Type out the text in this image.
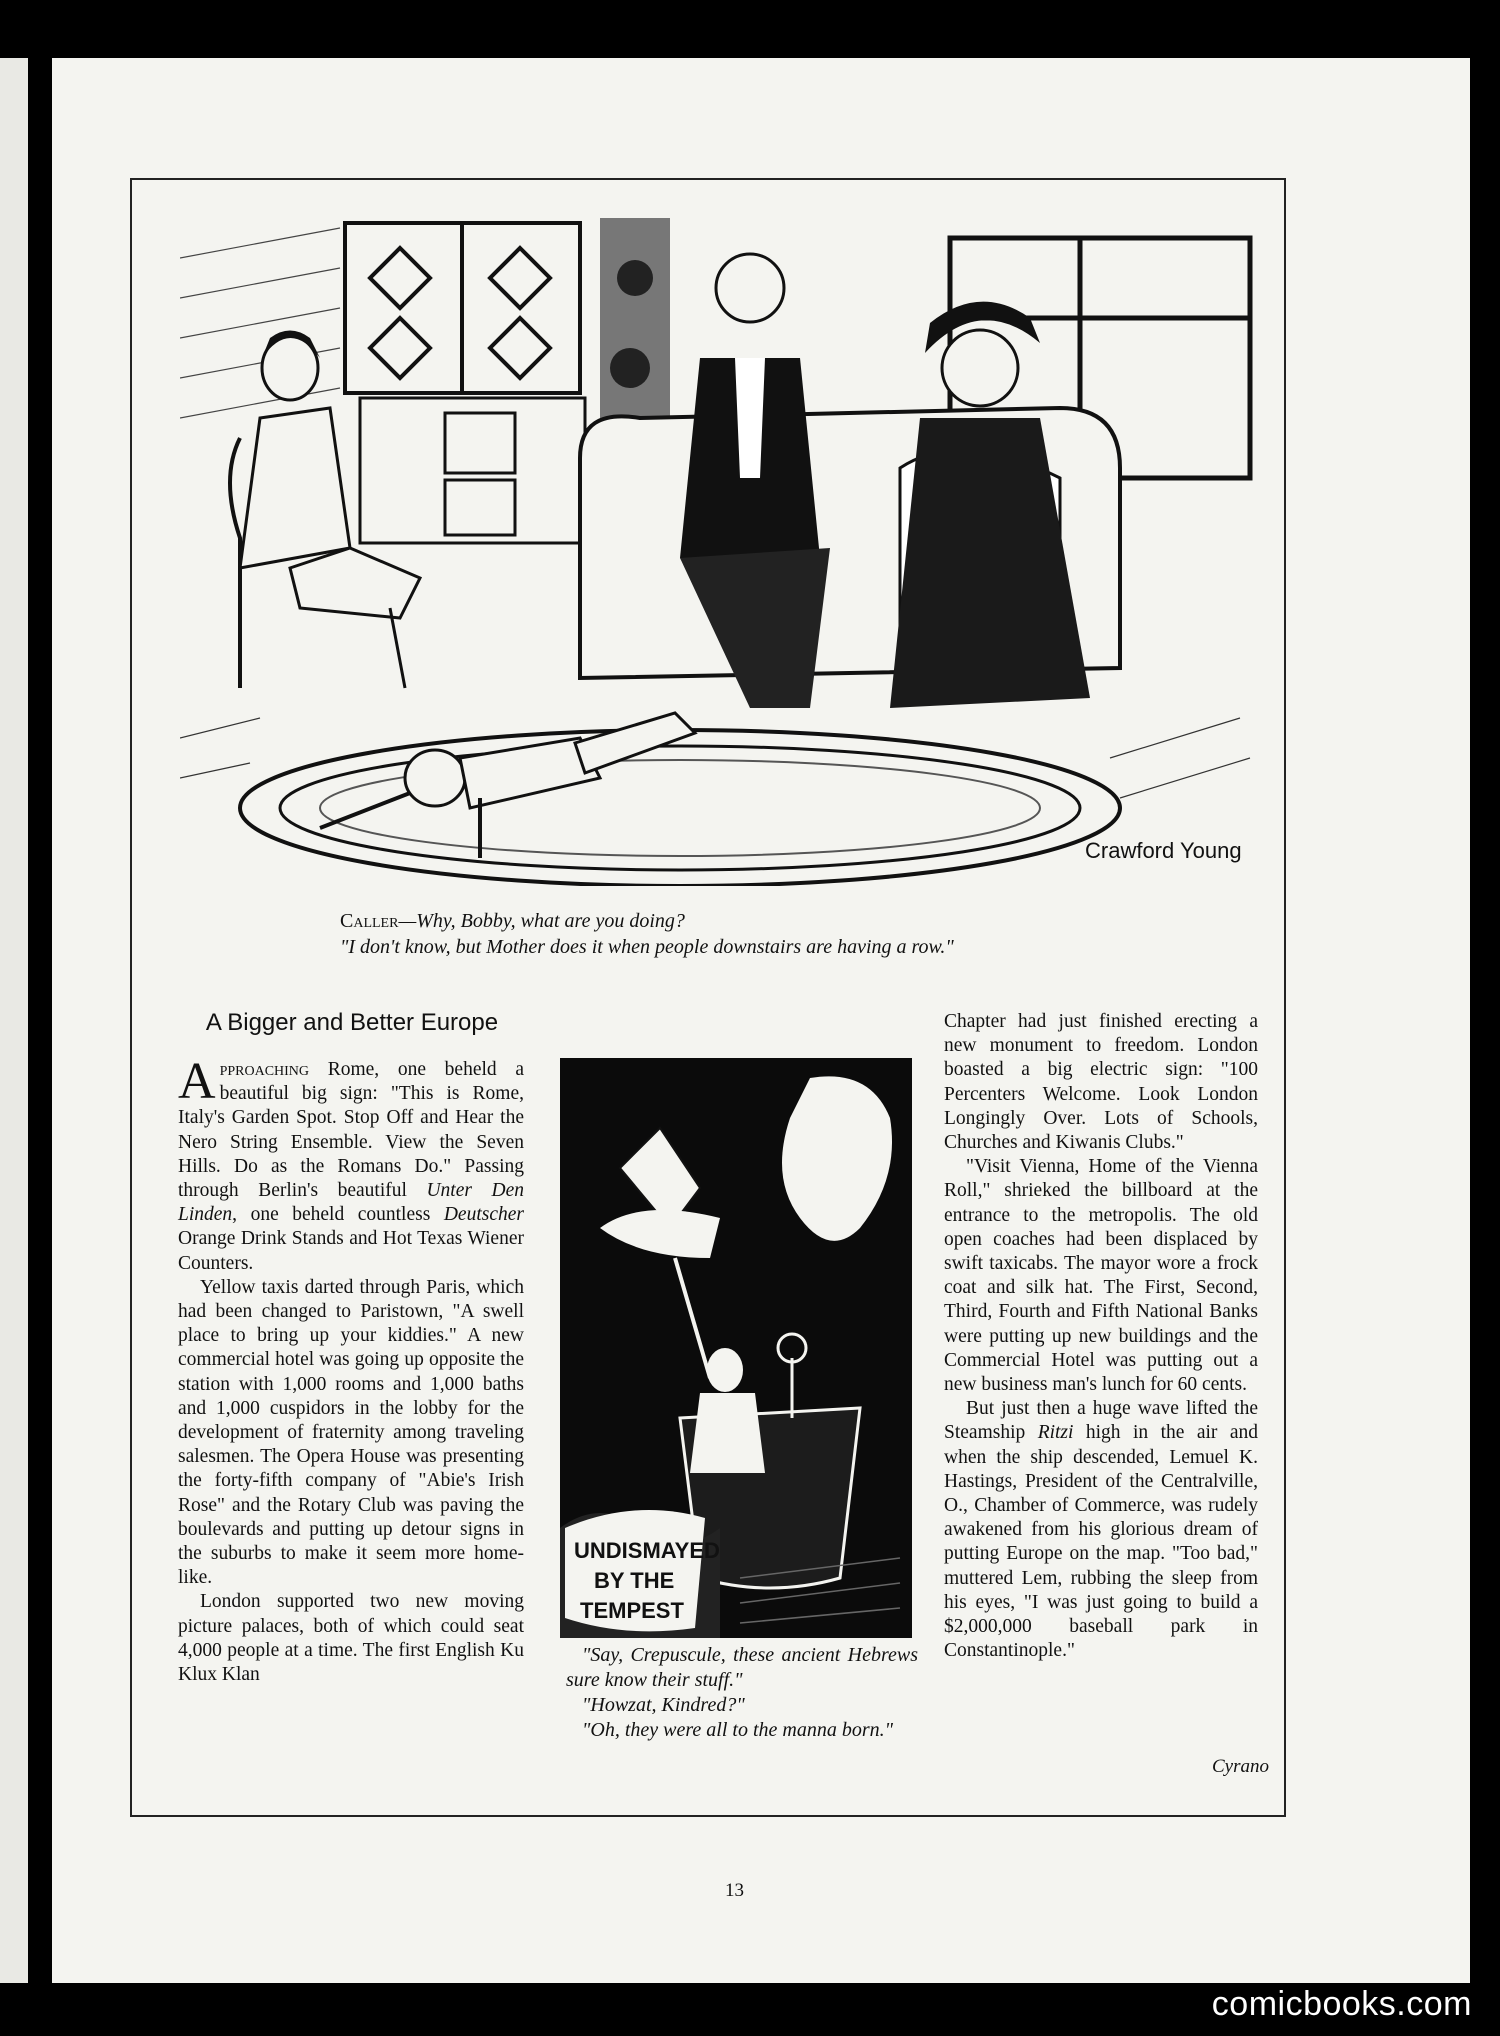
Crawford Young
Caller—Why, Bobby, what are you doing?
"I don't know, but Mother does it when people downstairs are having a row."
A Bigger and Better Europe

Approaching Rome, one beheld a beautiful big sign: "This is Rome, Italy's Garden Spot. Stop Off and Hear the Nero String Ensemble. View the Seven Hills. Do as the Romans Do." Passing through Berlin's beautiful Unter Den Linden, one beheld countless Deutscher Orange Drink Stands and Hot Texas Wiener Counters.

Yellow taxis darted through Paris, which had been changed to Paristown, "A swell place to bring up your kiddies." A new commercial hotel was going up opposite the station with 1,000 rooms and 1,000 baths and 1,000 cuspidors in the lobby for the development of fraternity among traveling salesmen. The Opera House was presenting the forty-fifth company of "Abie's Irish Rose" and the Rotary Club was paving the boulevards and putting up detour signs in the suburbs to make it seem more home-like.

London supported two new moving picture palaces, both of which could seat 4,000 people at a time. The first English Ku Klux Klan

UNDISMAYED
BY THE
TEMPEST

"Say, Crepuscule, these ancient Hebrews sure know their stuff."

"Howzat, Kindred?"

"Oh, they were all to the manna born."

Chapter had just finished erecting a new monument to freedom. London boasted a big electric sign: "100 Percenters Welcome. Look London Longingly Over. Lots of Schools, Churches and Kiwanis Clubs."

"Visit Vienna, Home of the Vienna Roll," shrieked the billboard at the entrance to the metropolis. The old open coaches had been displaced by swift taxicabs. The mayor wore a frock coat and silk hat. The First, Second, Third, Fourth and Fifth National Banks were putting up new buildings and the Commercial Hotel was putting out a new business man's lunch for 60 cents.

But just then a huge wave lifted the Steamship Ritzi high in the air and when the ship descended, Lemuel K. Hastings, President of the Centralville, O., Chamber of Commerce, was rudely awakened from his glorious dream of putting Europe on the map. "Too bad," muttered Lem, rubbing the sleep from his eyes, "I was just going to build a $2,000,000 baseball park in Constantinople."

Cyrano
13
comicbooks.com
